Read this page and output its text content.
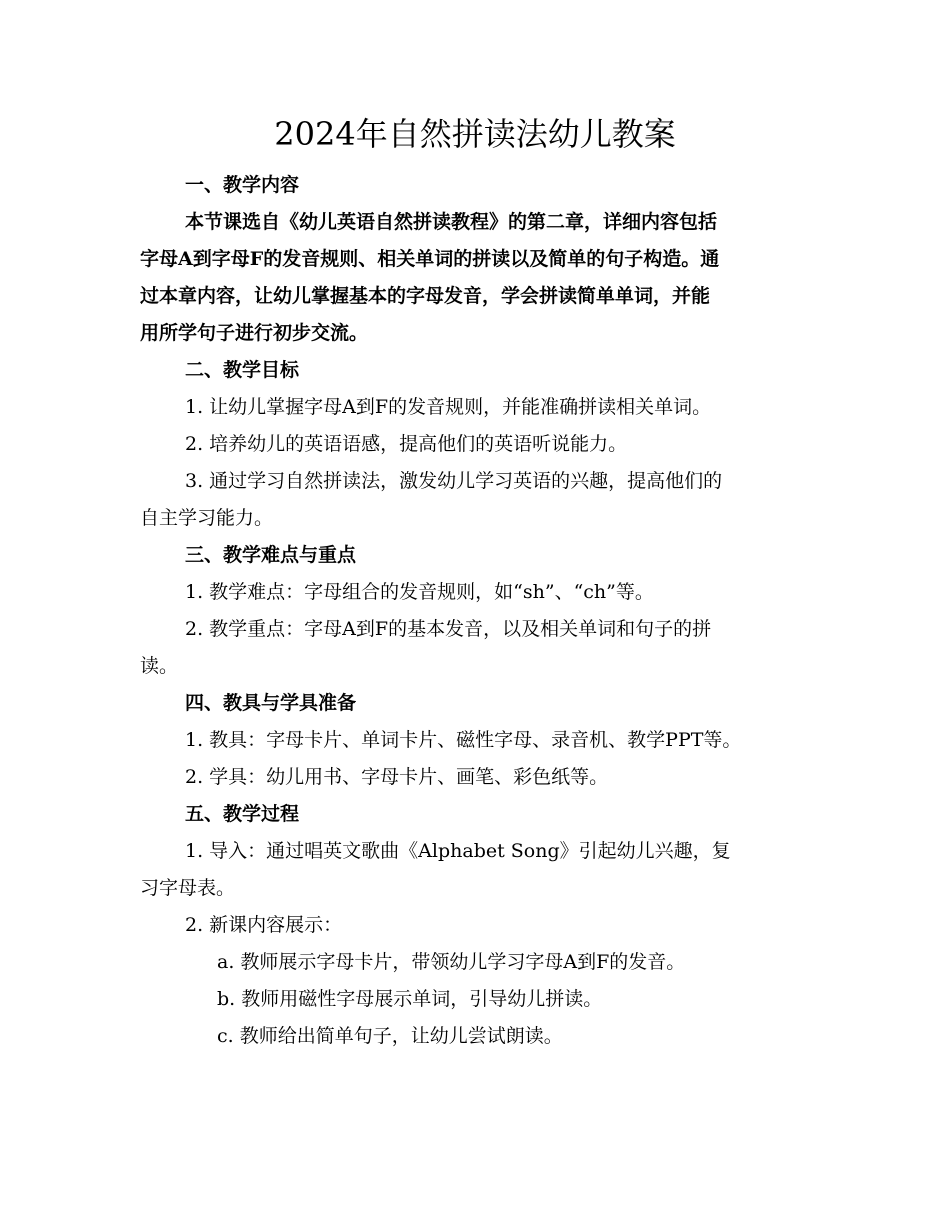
2024年自然拼读法幼儿教案
一、教学内容
本节课选自《幼儿英语自然拼读教程》的第二章，详细内容包括
字母A到字母F的发音规则、相关单词的拼读以及简单的句子构造。通
过本章内容，让幼儿掌握基本的字母发音，学会拼读简单单词，并能
用所学句子进行初步交流。
二、教学目标
1. 让幼儿掌握字母A到F的发音规则，并能准确拼读相关单词。
2. 培养幼儿的英语语感，提高他们的英语听说能力。
3. 通过学习自然拼读法，激发幼儿学习英语的兴趣，提高他们的
自主学习能力。
三、教学难点与重点
1. 教学难点：字母组合的发音规则，如“sh”、“ch”等。
2. 教学重点：字母A到F的基本发音，以及相关单词和句子的拼
读。
四、教具与学具准备
1. 教具：字母卡片、单词卡片、磁性字母、录音机、教学PPT等。
2. 学具：幼儿用书、字母卡片、画笔、彩色纸等。
五、教学过程
1. 导入：通过唱英文歌曲《Alphabet Song》引起幼儿兴趣，复
习字母表。
2. 新课内容展示：
a. 教师展示字母卡片，带领幼儿学习字母A到F的发音。
b. 教师用磁性字母展示单词，引导幼儿拼读。
c. 教师给出简单句子，让幼儿尝试朗读。
